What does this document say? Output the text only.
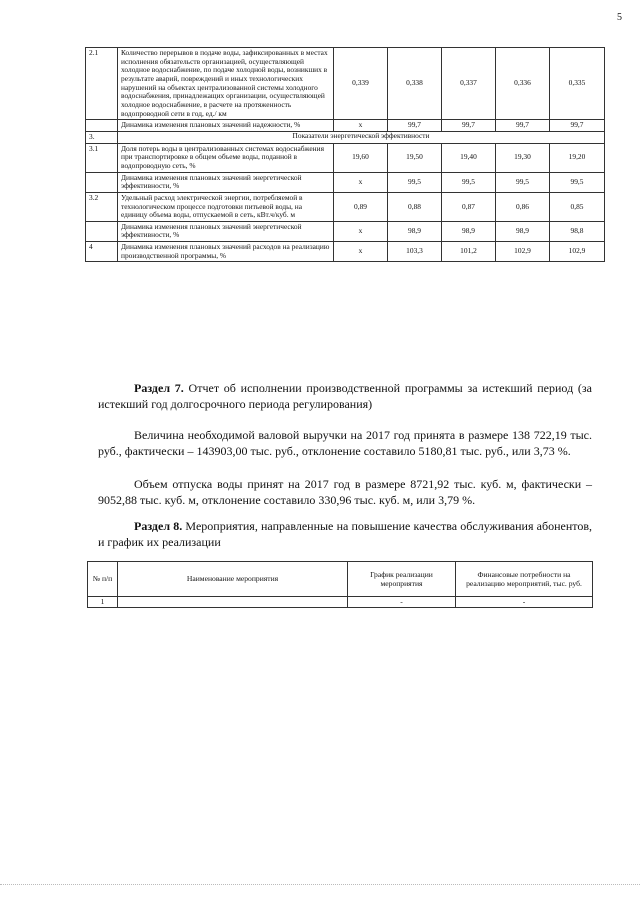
5
2.1	Количество перерывов в подаче воды, зафиксированных в местах исполнения обязательств организацией, осуществляющей холодное водоснабжение, по подаче холодной воды, возникших в результате аварий, повреждений и иных технологических нарушений на объектах централизованной системы холодного водоснабжения, принадлежащих организации, осуществляющей холодное водоснабжение, в расчете на протяженность водопроводной сети в год, ед./ км	0,339	0,338	0,337	0,336	0,335
	Динамика изменения плановых значений надежности, %	x	99,7	99,7	99,7	99,7
3.	Показатели энергетической эффективности					
3.1	Доля потерь воды в централизованных системах водоснабжения при транспортировке в общем объеме воды, поданной в водопроводную сеть, %	19,60	19,50	19,40	19,30	19,20
	Динамика изменения плановых значений энергетической эффективности, %	x	99,5	99,5	99,5	99,5
3.2	Удельный расход электрической энергии, потребляемой в технологическом процессе подготовки питьевой воды, на единицу объема воды, отпускаемой в сеть, кВт.ч/куб. м	0,89	0,88	0,87	0,86	0,85
	Динамика изменения плановых значений энергетической эффективности, %	x	98,9	98,9	98,9	98,8
4	Динамика изменения плановых значений расходов на реализацию производственной программы, %	x	103,3	101,2	102,9	102,9
Раздел 7. Отчет об исполнении производственной программы за истекший период (за истекший год долгосрочного периода регулирования)
Величина необходимой валовой выручки на 2017 год принята в размере 138 722,19 тыс. руб., фактически – 143903,00 тыс. руб., отклонение составило 5180,81 тыс. руб., или 3,73 %.
Объем отпуска воды принят на 2017 год в размере 8721,92 тыс. куб. м, фактически – 9052,88 тыс. куб. м, отклонение составило 330,96 тыс. куб. м, или 3,79 %.
Раздел 8. Мероприятия, направленные на повышение качества обслуживания абонентов, и график их реализации
№ п/п	Наименование мероприятия	График реализации мероприятия	Финансовые потребности на реализацию мероприятий, тыс. руб.
1		-	-
